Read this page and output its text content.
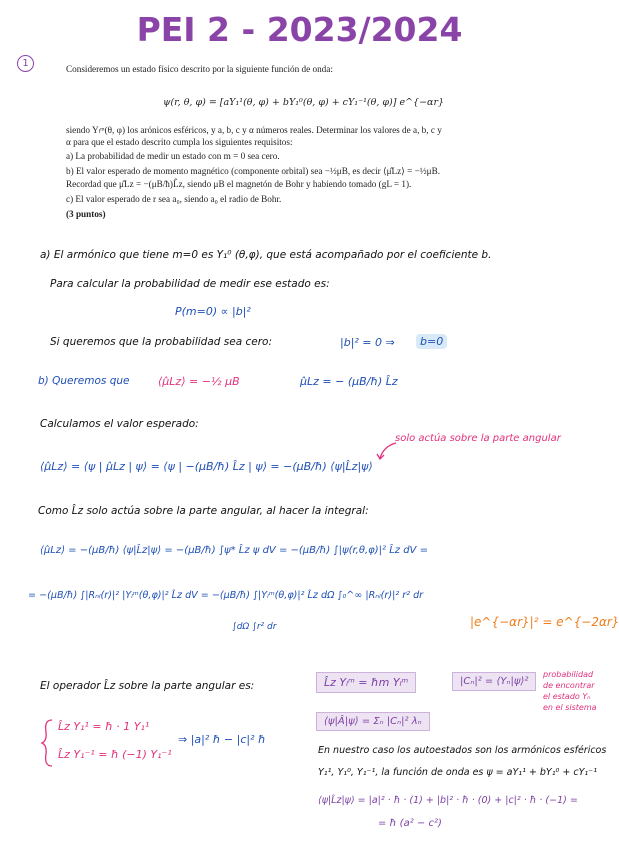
PEI 2 - 2023/2024
1	Consideremos un estado físico descrito por la siguiente función de onda:
ψ(r, θ, φ) = [aY₁¹(θ, φ) + bY₁⁰(θ, φ) + cY₁⁻¹(θ, φ)] e^{−αr}
siendo Yₗᵐ(θ, φ) los arónicos esféricos, y a, b, c y α números reales. Determinar los valores de a, b, c y
α para que el estado descrito cumpla los siguientes requisitos:
a) La probabilidad de medir un estado con m = 0 sea cero.
b) El valor esperado de momento magnético (componente orbital) sea −½μB, es decir ⟨μ̂Lz⟩ = −½μB.
Recordad que μ̂Lz = −(μB/ħ)L̂z, siendo μB el magnetón de Bohr y habiendo tomado (gL = 1).
c) El valor esperado de r sea a₀, siendo a₀ el radio de Bohr.
(3 puntos)
a) El armónico que tiene m=0 es Y₁⁰ (θ,φ), que está acompañado por el coeficiente b.
Para calcular la probabilidad de medir ese estado es:
P(m=0) ∝ |b|²
Si queremos que la probabilidad sea cero:	|b|² = 0 ⇒	b=0
b) Queremos que	⟨μ̂Lz⟩ = −½ μB	μ̂Lz = − (μB/ħ) L̂z
Calculamos el valor esperado:
solo actúa sobre la parte angular
⟨μ̂Lz⟩ = ⟨ψ | μ̂Lz | ψ⟩ = ⟨ψ | −(μB/ħ) L̂z | ψ⟩ = −(μB/ħ) ⟨ψ|L̂z|ψ⟩
Como L̂z solo actúa sobre la parte angular, al hacer la integral:
⟨μ̂Lz⟩ = −(μB/ħ) ⟨ψ|L̂z|ψ⟩ = −(μB/ħ) ∫ψ* L̂z ψ dV = −(μB/ħ) ∫|ψ(r,θ,φ)|² L̂z dV =
= −(μB/ħ) ∫|Rₙₗ(r)|² |Yₗᵐ(θ,φ)|² L̂z dV = −(μB/ħ) ∫|Yₗᵐ(θ,φ)|² L̂z dΩ ∫₀^∞ |Rₙₗ(r)|² r² dr
∫dΩ ∫r² dr	|e^{−αr}|² = e^{−2αr}
El operador L̂z sobre la parte angular es:	L̂z Yₗᵐ = ħm Yₗᵐ	|Cₙ|² = ⟨Yₙ|ψ⟩²
probabilidad
de encontrar
el estado Yₙ
en el sistema
⟨ψ|Â|ψ⟩ = Σₙ |Cₙ|² λₙ
L̂z Y₁¹ = ħ · 1 Y₁¹
L̂z Y₁⁻¹ = ħ (−1) Y₁⁻¹
⇒ |a|² ħ − |c|² ħ
En nuestro caso los autoestados son los armónicos esféricos
Y₁¹, Y₁⁰, Y₁⁻¹, la función de onda es ψ = aY₁¹ + bY₁⁰ + cY₁⁻¹
⟨ψ|L̂z|ψ⟩ = |a|² · ħ · (1) + |b|² · ħ · (0) + |c|² · ħ · (−1) =
= ħ (a² − c²)
